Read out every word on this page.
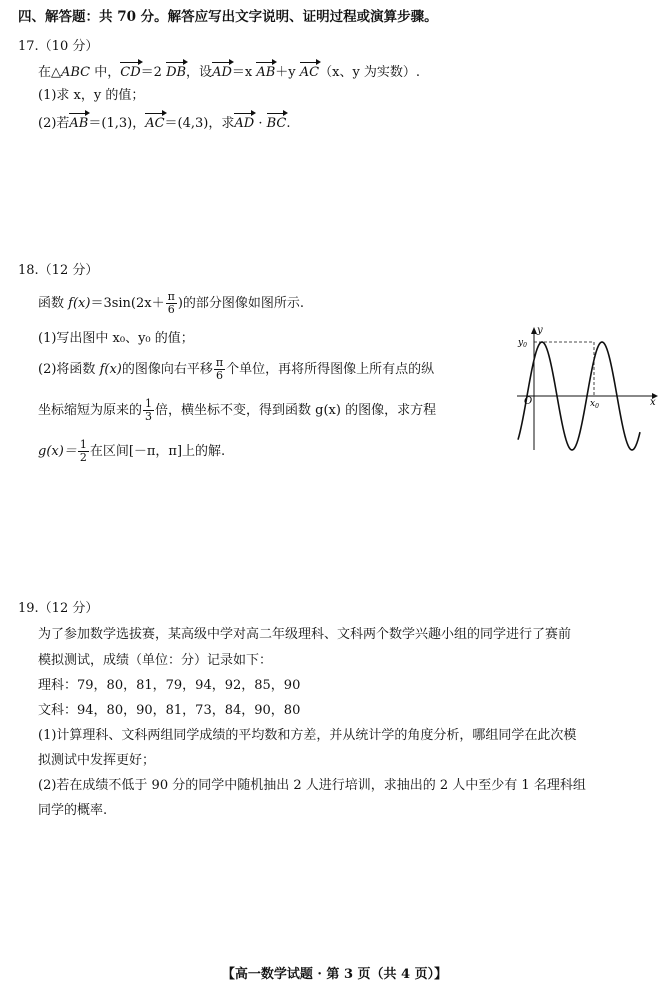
四、解答题：共 70 分。解答应写出文字说明、证明过程或演算步骤。
17.（10 分）
在△ABC 中，CD＝2 DB，设AD＝x AB＋y AC（x、y 为实数）.
(1)求 x，y 的值；
(2)若AB＝(1,3)，AC＝(4,3)，求AD · BC.
18.（12 分）
函数 $f(x)=3\sin(2x+ \frac{\pi}{6}$ )的部分图像如图所示.
(1)写出图中 x₀、y₀ 的值；
(2)将函数 f(x)的图像向右平移 $\frac{\pi}{6}$ 个单位，再将所得图像上所有点的纵
坐标缩短为原来的 $\frac{1}{3}$ 倍，横坐标不变，得到函数 g(x) 的图像，求方程
$g(x)= \frac{1}{2}$ 在区间[－π，π]上的解.
y
x
O
$y_0$
$x_0$
19.（12 分）
为了参加数学选拔赛，某高级中学对高二年级理科、文科两个数学兴趣小组的同学进行了赛前
模拟测试，成绩（单位：分）记录如下：
理科：79，80，81，79，94，92，85，90
文科：94，80，90，81，73，84，90，80
(1)计算理科、文科两组同学成绩的平均数和方差，并从统计学的角度分析，哪组同学在此次模
拟测试中发挥更好；
(2)若在成绩不低于 90 分的同学中随机抽出 2 人进行培训，求抽出的 2 人中至少有 1 名理科组
同学的概率.
【高一数学试题 · 第 3 页（共 4 页）】
